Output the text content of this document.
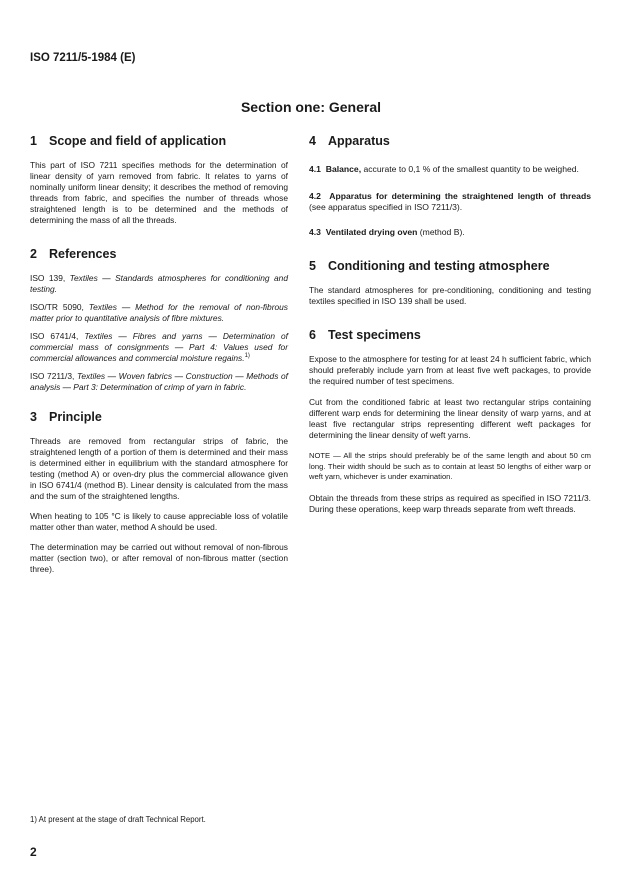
ISO 7211/5-1984 (E)
Section one: General
1 Scope and field of application

This part of ISO 7211 specifies methods for the determination of linear density of yarn removed from fabric. It relates to yarns of nominally uniform linear density; it describes the method of removing threads from fabric, and specifies the number of threads whose straightened length is to be determined and the methods of determining the mass of all the threads.

2 References

ISO 139, Textiles — Standards atmospheres for conditioning and testing.

ISO/TR 5090, Textiles — Method for the removal of non-fibrous matter prior to quantitative analysis of fibre mixtures.

ISO 6741/4, Textiles — Fibres and yarns — Determination of commercial mass of consignments — Part 4: Values used for commercial allowances and commercial moisture regains.$^{1)}$

ISO 7211/3, Textiles — Woven fabrics — Construction — Methods of analysis — Part 3: Determination of crimp of yarn in fabric.

3 Principle

Threads are removed from rectangular strips of fabric, the straightened length of a portion of them is determined and their mass is determined either in equilibrium with the standard atmosphere for testing (method A) or oven-dry plus the commercial allowance given in ISO 6741/4 (method B). Linear density is calculated from the mass and the sum of the straightened lengths.

When heating to 105 °C is likely to cause appreciable loss of volatile matter other than water, method A should be used.

The determination may be carried out without removal of non-fibrous matter (section two), or after removal of non-fibrous matter (section three).

4 Apparatus

4.1 Balance, accurate to 0,1 % of the smallest quantity to be weighed.

4.2 Apparatus for determining the straightened length of threads (see apparatus specified in ISO 7211/3).

4.3 Ventilated drying oven (method B).

5 Conditioning and testing atmosphere

The standard atmospheres for pre-conditioning, conditioning and testing textiles specified in ISO 139 shall be used.

6 Test specimens

Expose to the atmosphere for testing for at least 24 h sufficient fabric, which should preferably include yarn from at least five weft packages, to provide the required number of test specimens.

Cut from the conditioned fabric at least two rectangular strips containing different warp ends for determining the linear density of warp yarns, and at least five rectangular strips representing different weft packages for determining the linear density of weft yarns.

NOTE — All the strips should preferably be of the same length and about 50 cm long. Their width should be such as to contain at least 50 lengths of either warp or weft yarn, whichever is under examination.

Obtain the threads from these strips as required as specified in ISO 7211/3. During these operations, keep warp threads separate from weft threads.

1) At present at the stage of draft Technical Report.
2
